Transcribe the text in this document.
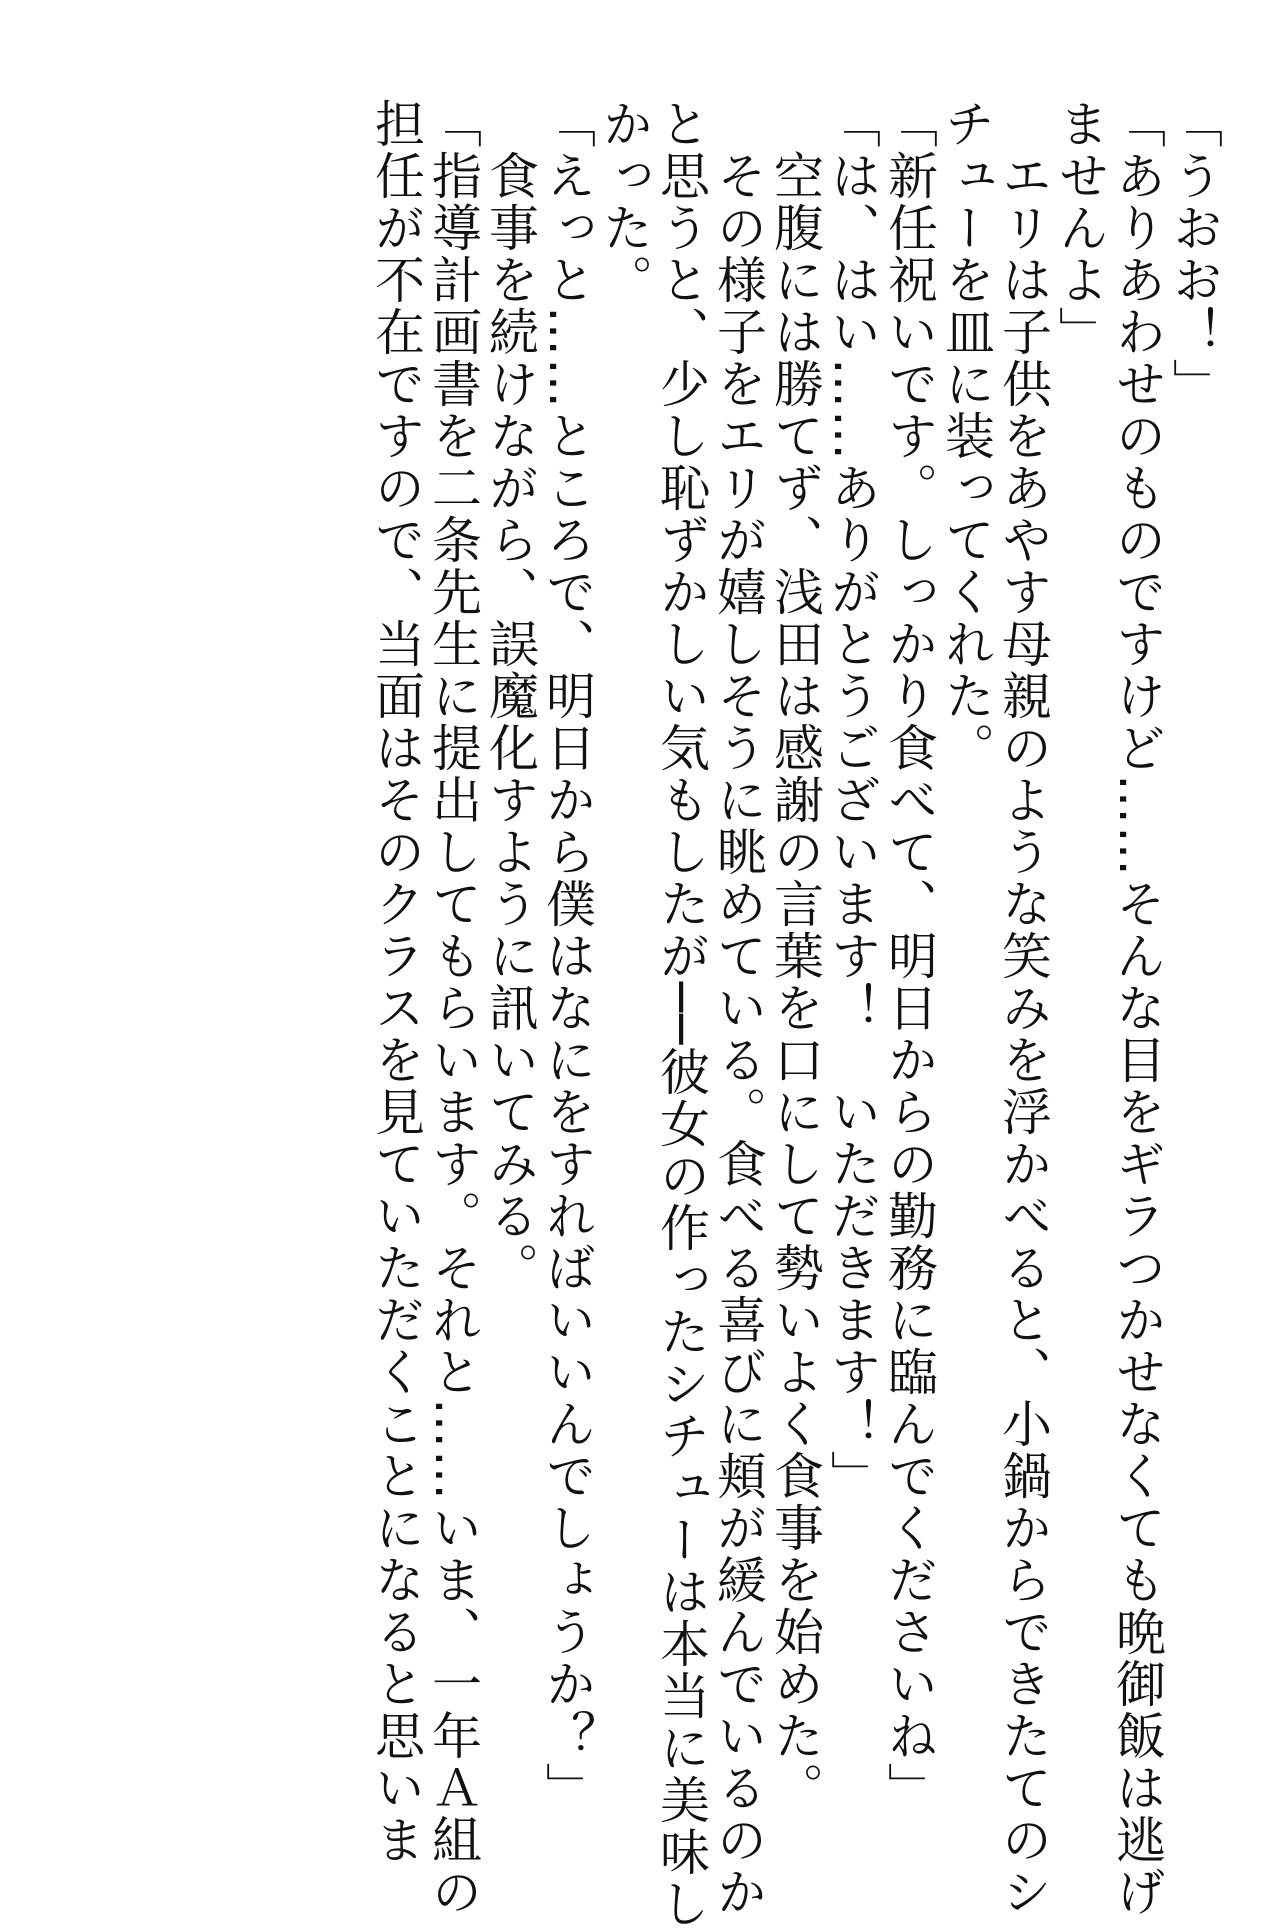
「うおお！」
「ありあわせのものですけど……そんな目をギラつかせなくても晩御飯は逃げ
ませんよ」
　エリは子供をあやす母親のような笑みを浮かべると、小鍋からできたてのシ
チューを皿に装ってくれた。
「新任祝いです。しっかり食べて、明日からの勤務に臨んでくださいね」
「は、はい……ありがとうございます！　いただきます！」
　空腹には勝てず、浅田は感謝の言葉を口にして勢いよく食事を始めた。
　その様子をエリが嬉しそうに眺めている。食べる喜びに頬が緩んでいるのか
と思うと、少し恥ずかしい気もしたが──彼女の作ったシチューは本当に美味し
かった。
「えっと……ところで、明日から僕はなにをすればいいんでしょうか？」
　食事を続けながら、誤魔化すように訊いてみる。
「指導計画書を二条先生に提出してもらいます。それと……いま、一年Ａ組の
担任が不在ですので、当面はそのクラスを見ていただくことになると思いま
